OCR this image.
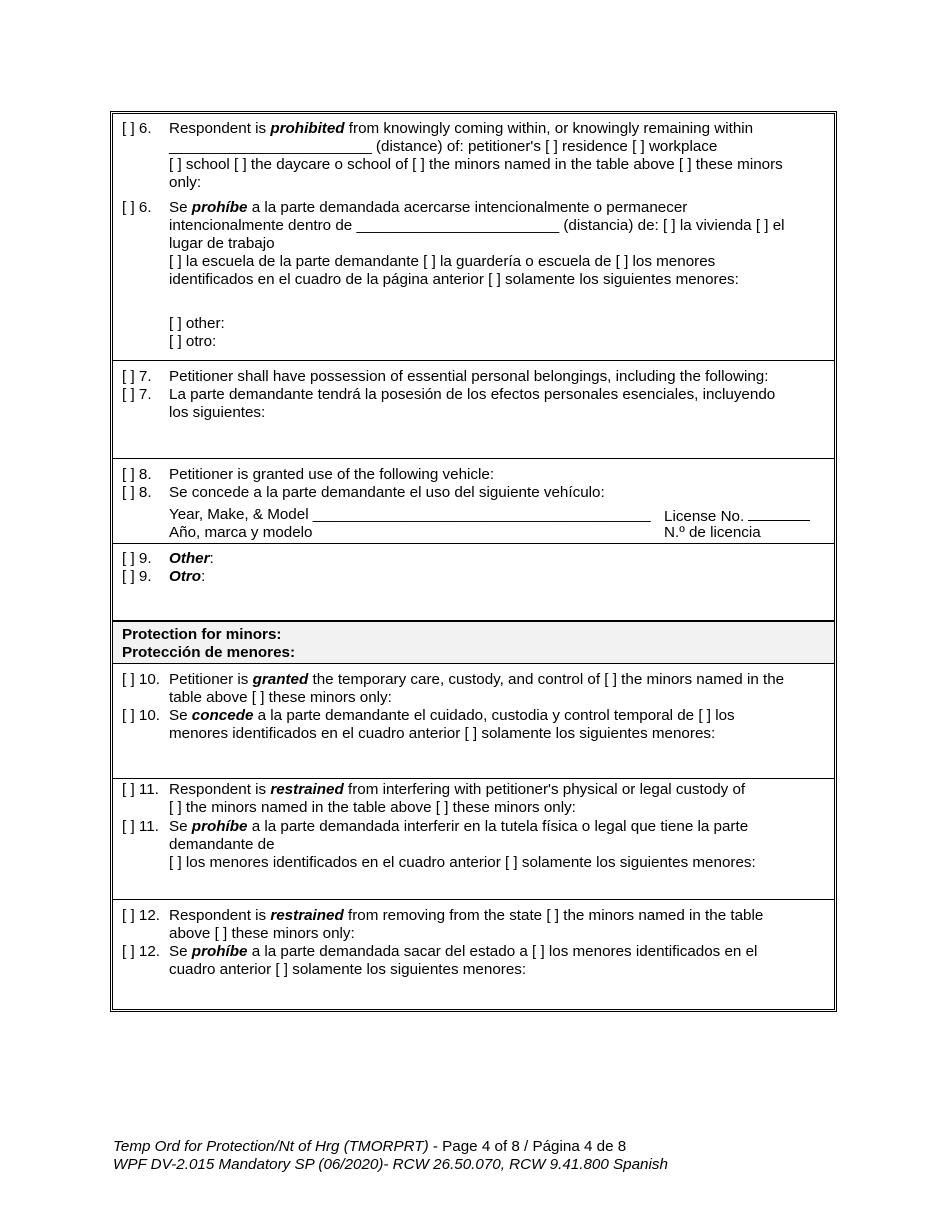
[ ] 6. Respondent is prohibited from knowingly coming within, or knowingly remaining within
________________________ (distance) of: petitioner's [ ] residence [ ] workplace
[ ] school [ ] the daycare o school of [ ] the minors named in the table above [ ] these minors
only:
[ ] 6. Se prohíbe a la parte demandada acercarse intencionalmente o permanecer
intencionalmente dentro de ________________________ (distancia) de: [ ] la vivienda [ ] el
lugar de trabajo
[ ] la escuela de la parte demandante [ ] la guardería o escuela de [ ] los menores
identificados en el cuadro de la página anterior [ ] solamente los siguientes menores:
[ ] other:
[ ] otro:
[ ] 7. Petitioner shall have possession of essential personal belongings, including the following:
[ ] 7. La parte demandante tendrá la posesión de los efectos personales esenciales, incluyendo
los siguientes:
[ ] 8. Petitioner is granted use of the following vehicle:
[ ] 8. Se concede a la parte demandante el uso del siguiente vehículo:
Year, Make, & Model ________________________________________ License No.
Año, marca y modelo	N.º de licencia
[ ] 9. Other:
[ ] 9. Otro:
Protection for minors:
Protección de menores:
[ ] 10. Petitioner is granted the temporary care, custody, and control of [ ] the minors named in the
table above [ ] these minors only:
[ ] 10. Se concede a la parte demandante el cuidado, custodia y control temporal de [ ] los
menores identificados en el cuadro anterior [ ] solamente los siguientes menores:
[ ] 11. Respondent is restrained from interfering with petitioner's physical or legal custody of
[ ] the minors named in the table above [ ] these minors only:
[ ] 11. Se prohíbe a la parte demandada interferir en la tutela física o legal que tiene la parte
demandante de
[ ] los menores identificados en el cuadro anterior [ ] solamente los siguientes menores:
[ ] 12. Respondent is restrained from removing from the state [ ] the minors named in the table
above [ ] these minors only:
[ ] 12. Se prohíbe a la parte demandada sacar del estado a [ ] los menores identificados en el
cuadro anterior [ ] solamente los siguientes menores:
Temp Ord for Protection/Nt of Hrg (TMORPRT) - Page 4 of 8 / Página 4 de 8
WPF DV-2.015 Mandatory SP (06/2020)- RCW 26.50.070, RCW 9.41.800 Spanish
